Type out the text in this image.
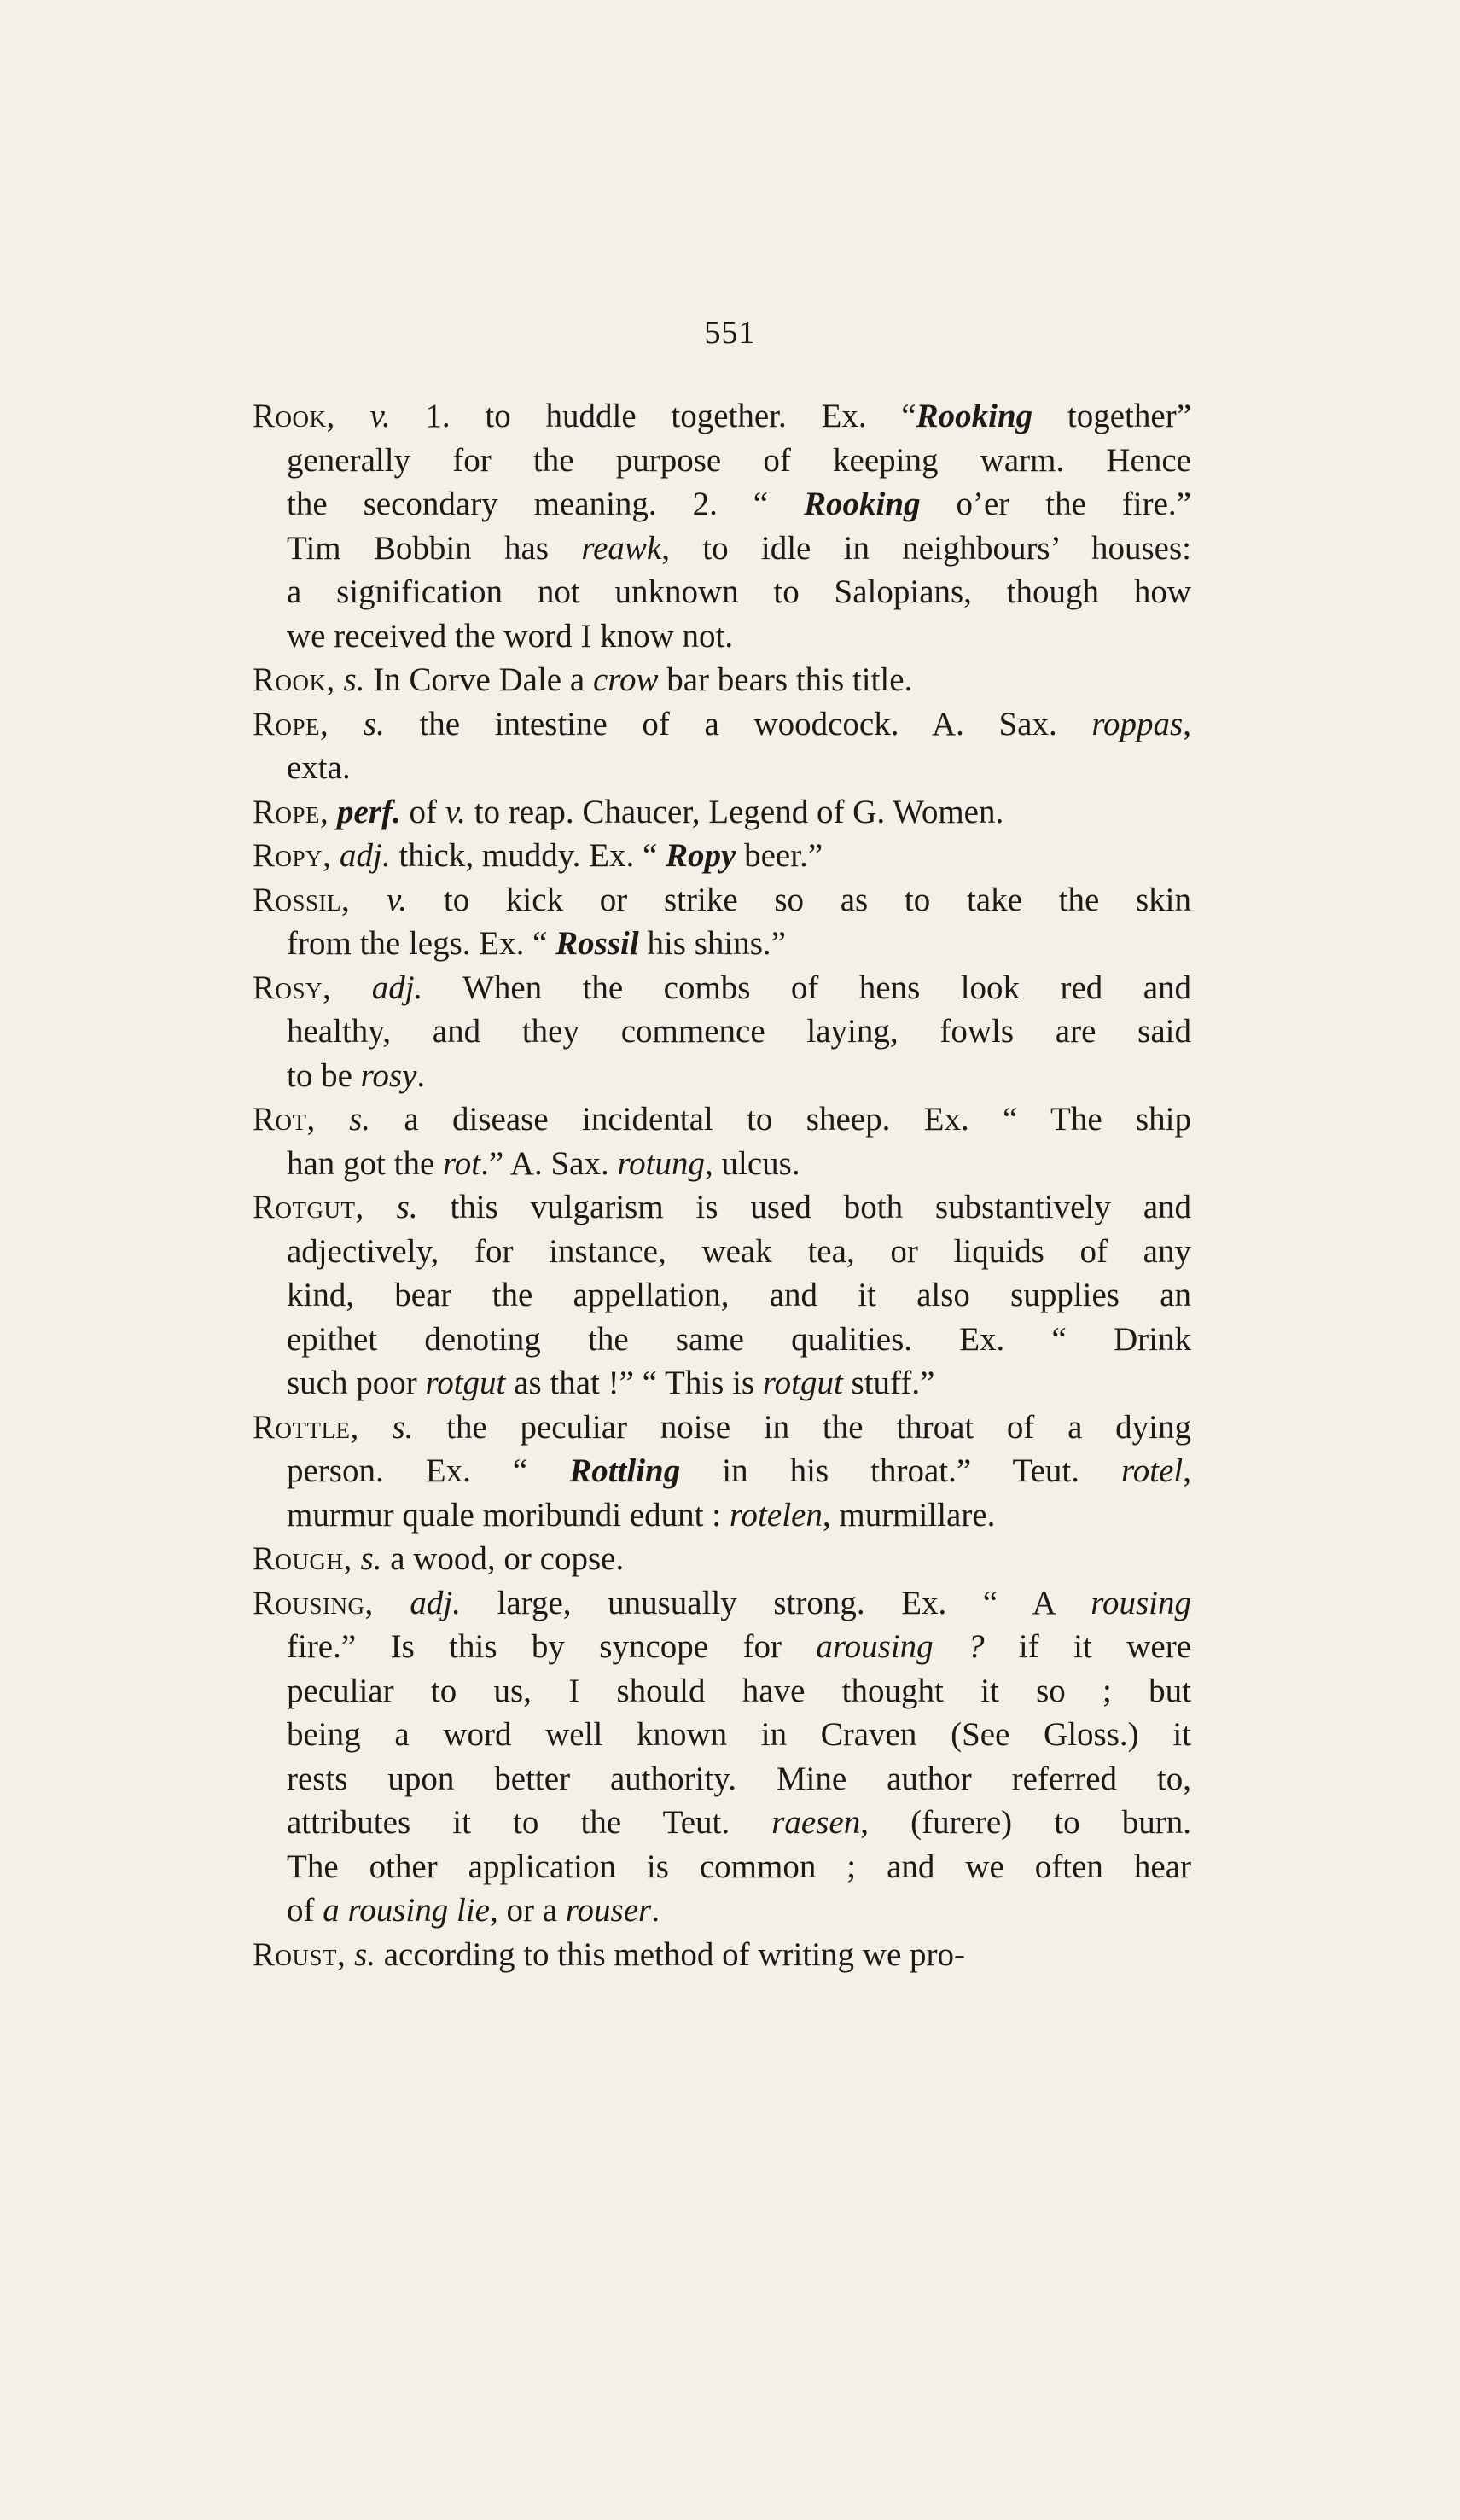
551
Rook, v. 1. to huddle together. Ex. “Rooking together”
generally for the purpose of keeping warm. Hence
the secondary meaning. 2. “ Rooking o’er the fire.”
Tim Bobbin has reawk, to idle in neighbours’ houses:
a signification not unknown to Salopians, though how
we received the word I know not.
Rook, s. In Corve Dale a crow bar bears this title.
Rope, s. the intestine of a woodcock. A. Sax. roppas,
exta.
Rope, perf. of v. to reap. Chaucer, Legend of G. Women.
Ropy, adj. thick, muddy. Ex. “ Ropy beer.”
Rossil, v. to kick or strike so as to take the skin
from the legs. Ex. “ Rossil his shins.”
Rosy, adj. When the combs of hens look red and
healthy, and they commence laying, fowls are said
to be rosy.
Rot, s. a disease incidental to sheep. Ex. “ The ship
han got the rot.” A. Sax. rotung, ulcus.
Rotgut, s. this vulgarism is used both substantively and
adjectively, for instance, weak tea, or liquids of any
kind, bear the appellation, and it also supplies an
epithet denoting the same qualities. Ex. “ Drink
such poor rotgut as that !” “ This is rotgut stuff.”
Rottle, s. the peculiar noise in the throat of a dying
person. Ex. “ Rottling in his throat.” Teut. rotel,
murmur quale moribundi edunt : rotelen, murmillare.
Rough, s. a wood, or copse.
Rousing, adj. large, unusually strong. Ex. “ A rousing
fire.” Is this by syncope for arousing ? if it were
peculiar to us, I should have thought it so ; but
being a word well known in Craven (See Gloss.) it
rests upon better authority. Mine author referred to,
attributes it to the Teut. raesen, (furere) to burn.
The other application is common ; and we often hear
of a rousing lie, or a rouser.
Roust, s. according to this method of writing we pro-
